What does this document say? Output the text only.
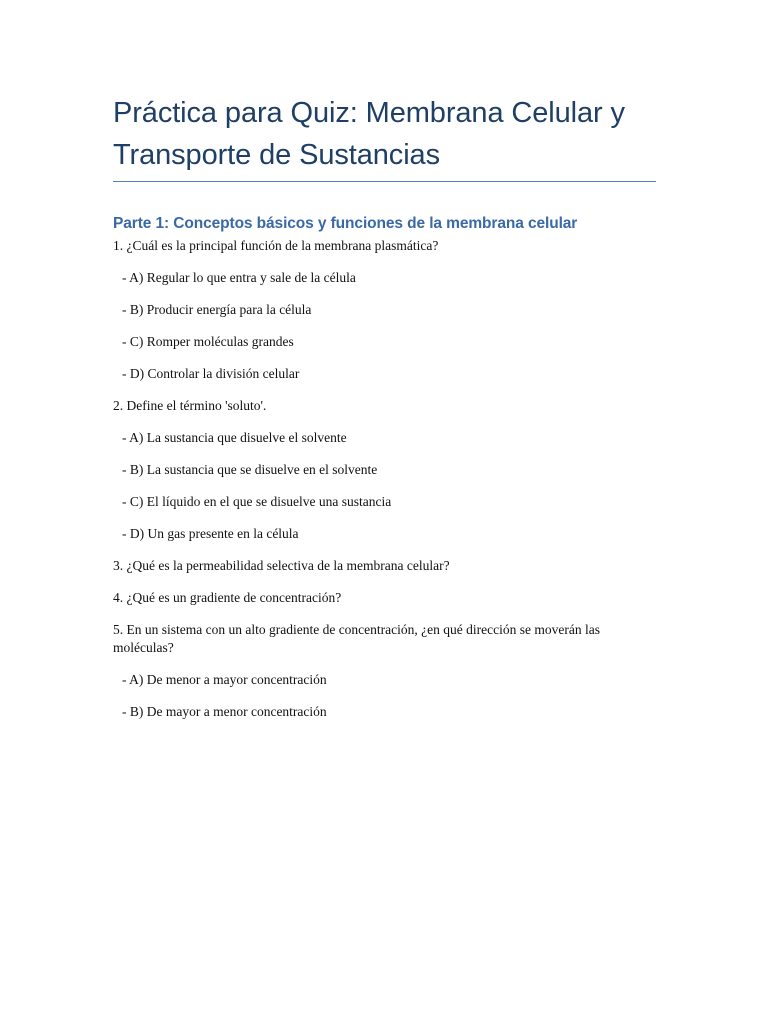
Práctica para Quiz: Membrana Celular y Transporte de Sustancias
Parte 1: Conceptos básicos y funciones de la membrana celular

1. ¿Cuál es la principal función de la membrana plasmática?

- A) Regular lo que entra y sale de la célula

- B) Producir energía para la célula

- C) Romper moléculas grandes

- D) Controlar la división celular

2. Define el término 'soluto'.

- A) La sustancia que disuelve el solvente

- B) La sustancia que se disuelve en el solvente

- C) El líquido en el que se disuelve una sustancia

- D) Un gas presente en la célula

3. ¿Qué es la permeabilidad selectiva de la membrana celular?

4. ¿Qué es un gradiente de concentración?

5. En un sistema con un alto gradiente de concentración, ¿en qué dirección se moverán las moléculas?

- A) De menor a mayor concentración

- B) De mayor a menor concentración
